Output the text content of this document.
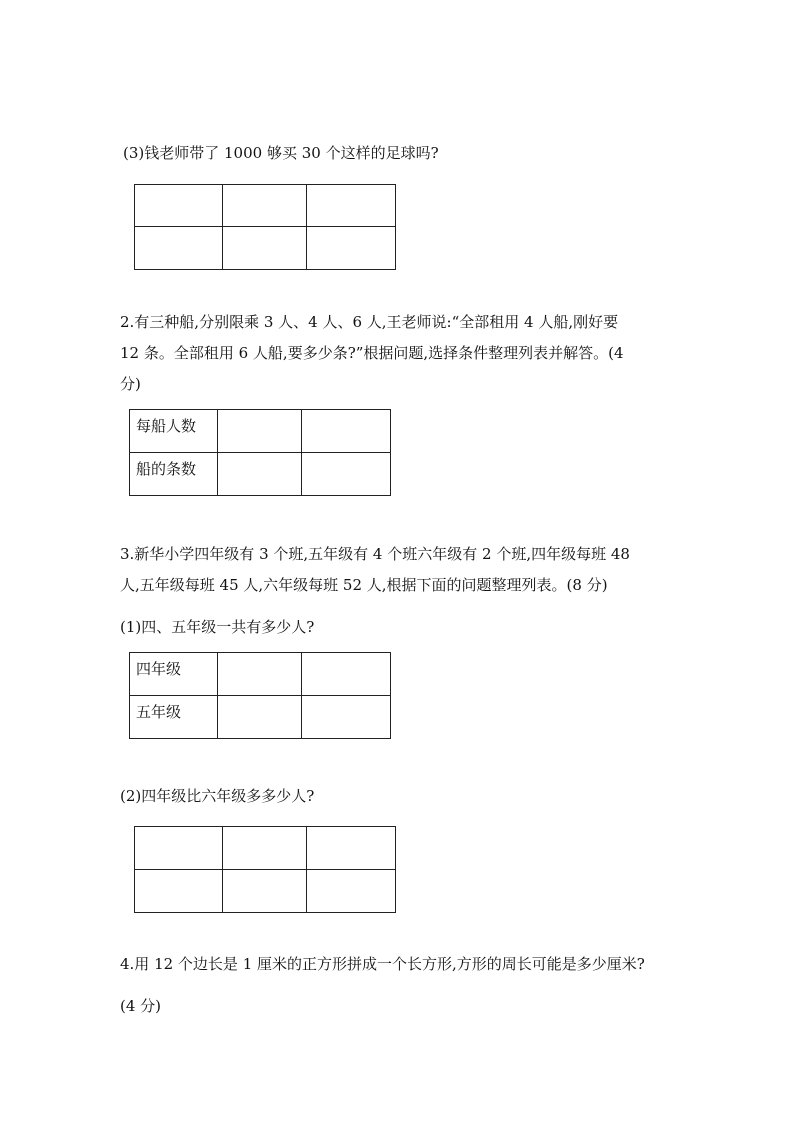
(3)钱老师带了 1000 够买 30 个这样的足球吗?

2.有三种船,分别限乘 3 人、4 人、6 人,王老师说:“全部租用 4 人船,刚好要
12 条。全部租用 6 人船,要多少条?”根据问题,选择条件整理列表并解答。(4
分)
每船人数		

船的条数		

3.新华小学四年级有 3 个班,五年级有 4 个班六年级有 2 个班,四年级每班 48
人,五年级每班 45 人,六年级每班 52 人,根据下面的问题整理列表。(8 分)
(1)四、五年级一共有多少人?
四年级		

五年级		

(2)四年级比六年级多多少人?

4.用 12 个边长是 1 厘米的正方形拼成一个长方形,方形的周长可能是多少厘米?
(4 分)
